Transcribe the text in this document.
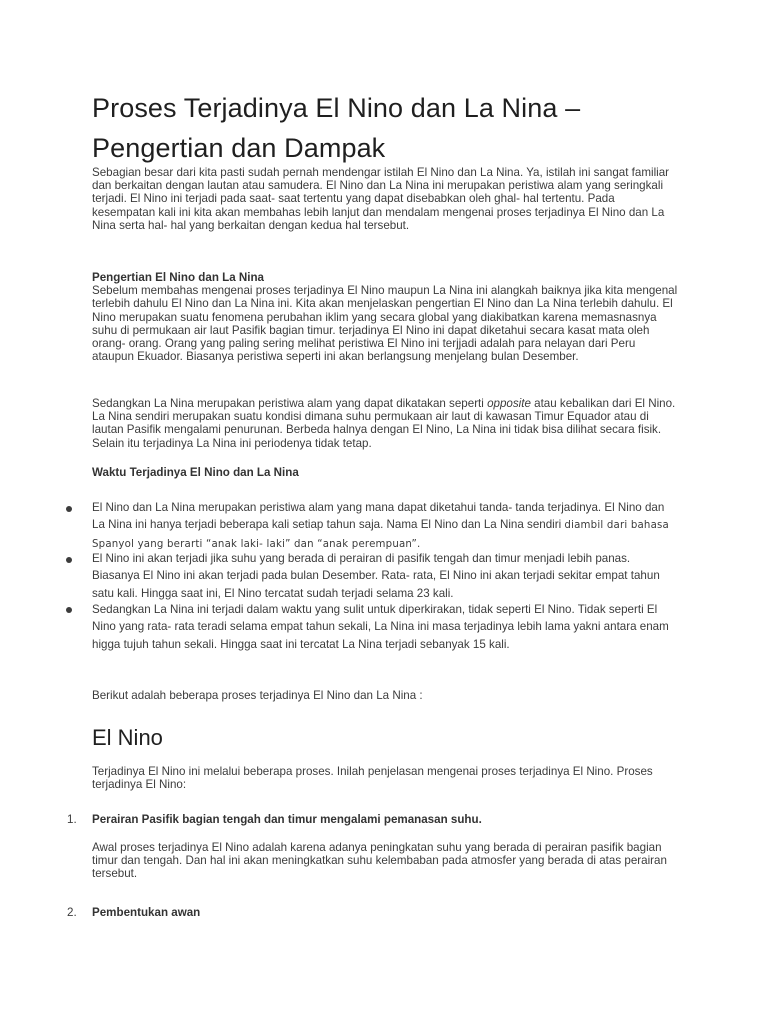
Proses Terjadinya El Nino dan La Nina – Pengertian dan Dampak

Sebagian besar dari kita pasti sudah pernah mendengar istilah El Nino dan La Nina. Ya, istilah ini sangat familiar dan berkaitan dengan lautan atau samudera. El Nino dan La Nina ini merupakan peristiwa alam yang seringkali terjadi. El Nino ini terjadi pada saat- saat tertentu yang dapat disebabkan oleh ghal- hal tertentu. Pada kesempatan kali ini kita akan membahas lebih lanjut dan mendalam mengenai proses terjadinya El Nino dan La Nina serta hal- hal yang berkaitan dengan kedua hal tersebut.

Pengertian El Nino dan La Nina
Sebelum membahas mengenai proses terjadinya El Nino maupun La Nina ini alangkah baiknya jika kita mengenal terlebih dahulu El Nino dan La Nina ini. Kita akan menjelaskan pengertian El Nino dan La Nina terlebih dahulu. El Nino merupakan suatu fenomena perubahan iklim yang secara global yang diakibatkan karena memasnasnya suhu di permukaan air laut Pasifik bagian timur. terjadinya El Nino ini dapat diketahui secara kasat mata oleh orang- orang. Orang yang paling sering melihat peristiwa El Nino ini terjjadi adalah para nelayan dari Peru ataupun Ekuador. Biasanya peristiwa seperti ini akan berlangsung menjelang bulan Desember.

Sedangkan La Nina merupakan peristiwa alam yang dapat dikatakan seperti opposite atau kebalikan dari El Nino. La Nina sendiri merupakan suatu kondisi dimana suhu permukaan air laut di kawasan Timur Equador atau di lautan Pasifik mengalami penurunan. Berbeda halnya dengan El Nino, La Nina ini tidak bisa dilihat secara fisik. Selain itu terjadinya La Nina ini periodenya tidak tetap.

Waktu Terjadinya El Nino dan La Nina

El Nino dan La Nina merupakan peristiwa alam yang mana dapat diketahui tanda- tanda terjadinya. El Nino dan La Nina ini hanya terjadi beberapa kali setiap tahun saja. Nama El Nino dan La Nina sendiri diambil dari bahasa Spanyol yang berarti “anak laki- laki” dan “anak perempuan”.

El Nino ini akan terjadi jika suhu yang berada di perairan di pasifik tengah dan timur menjadi lebih panas. Biasanya El Nino ini akan terjadi pada bulan Desember. Rata- rata, El Nino ini akan terjadi sekitar empat tahun satu kali. Hingga saat ini, El Nino tercatat sudah terjadi selama 23 kali.

Sedangkan La Nina ini terjadi dalam waktu yang sulit untuk diperkirakan, tidak seperti El Nino. Tidak seperti El Nino yang rata- rata teradi selama empat tahun sekali, La Nina ini masa terjadinya lebih lama yakni antara enam higga tujuh tahun sekali. Hingga saat ini tercatat La Nina terjadi sebanyak 15 kali.

Berikut adalah beberapa proses terjadinya El Nino dan La Nina :

El Nino

Terjadinya El Nino ini melalui beberapa proses. Inilah penjelasan mengenai proses terjadinya El Nino. Proses terjadinya El Nino:

1. Perairan Pasifik bagian tengah dan timur mengalami pemanasan suhu.

Awal proses terjadinya El Nino adalah karena adanya peningkatan suhu yang berada di perairan pasifik bagian timur dan tengah. Dan hal ini akan meningkatkan suhu kelembaban pada atmosfer yang berada di atas perairan tersebut.

2. Pembentukan awan
